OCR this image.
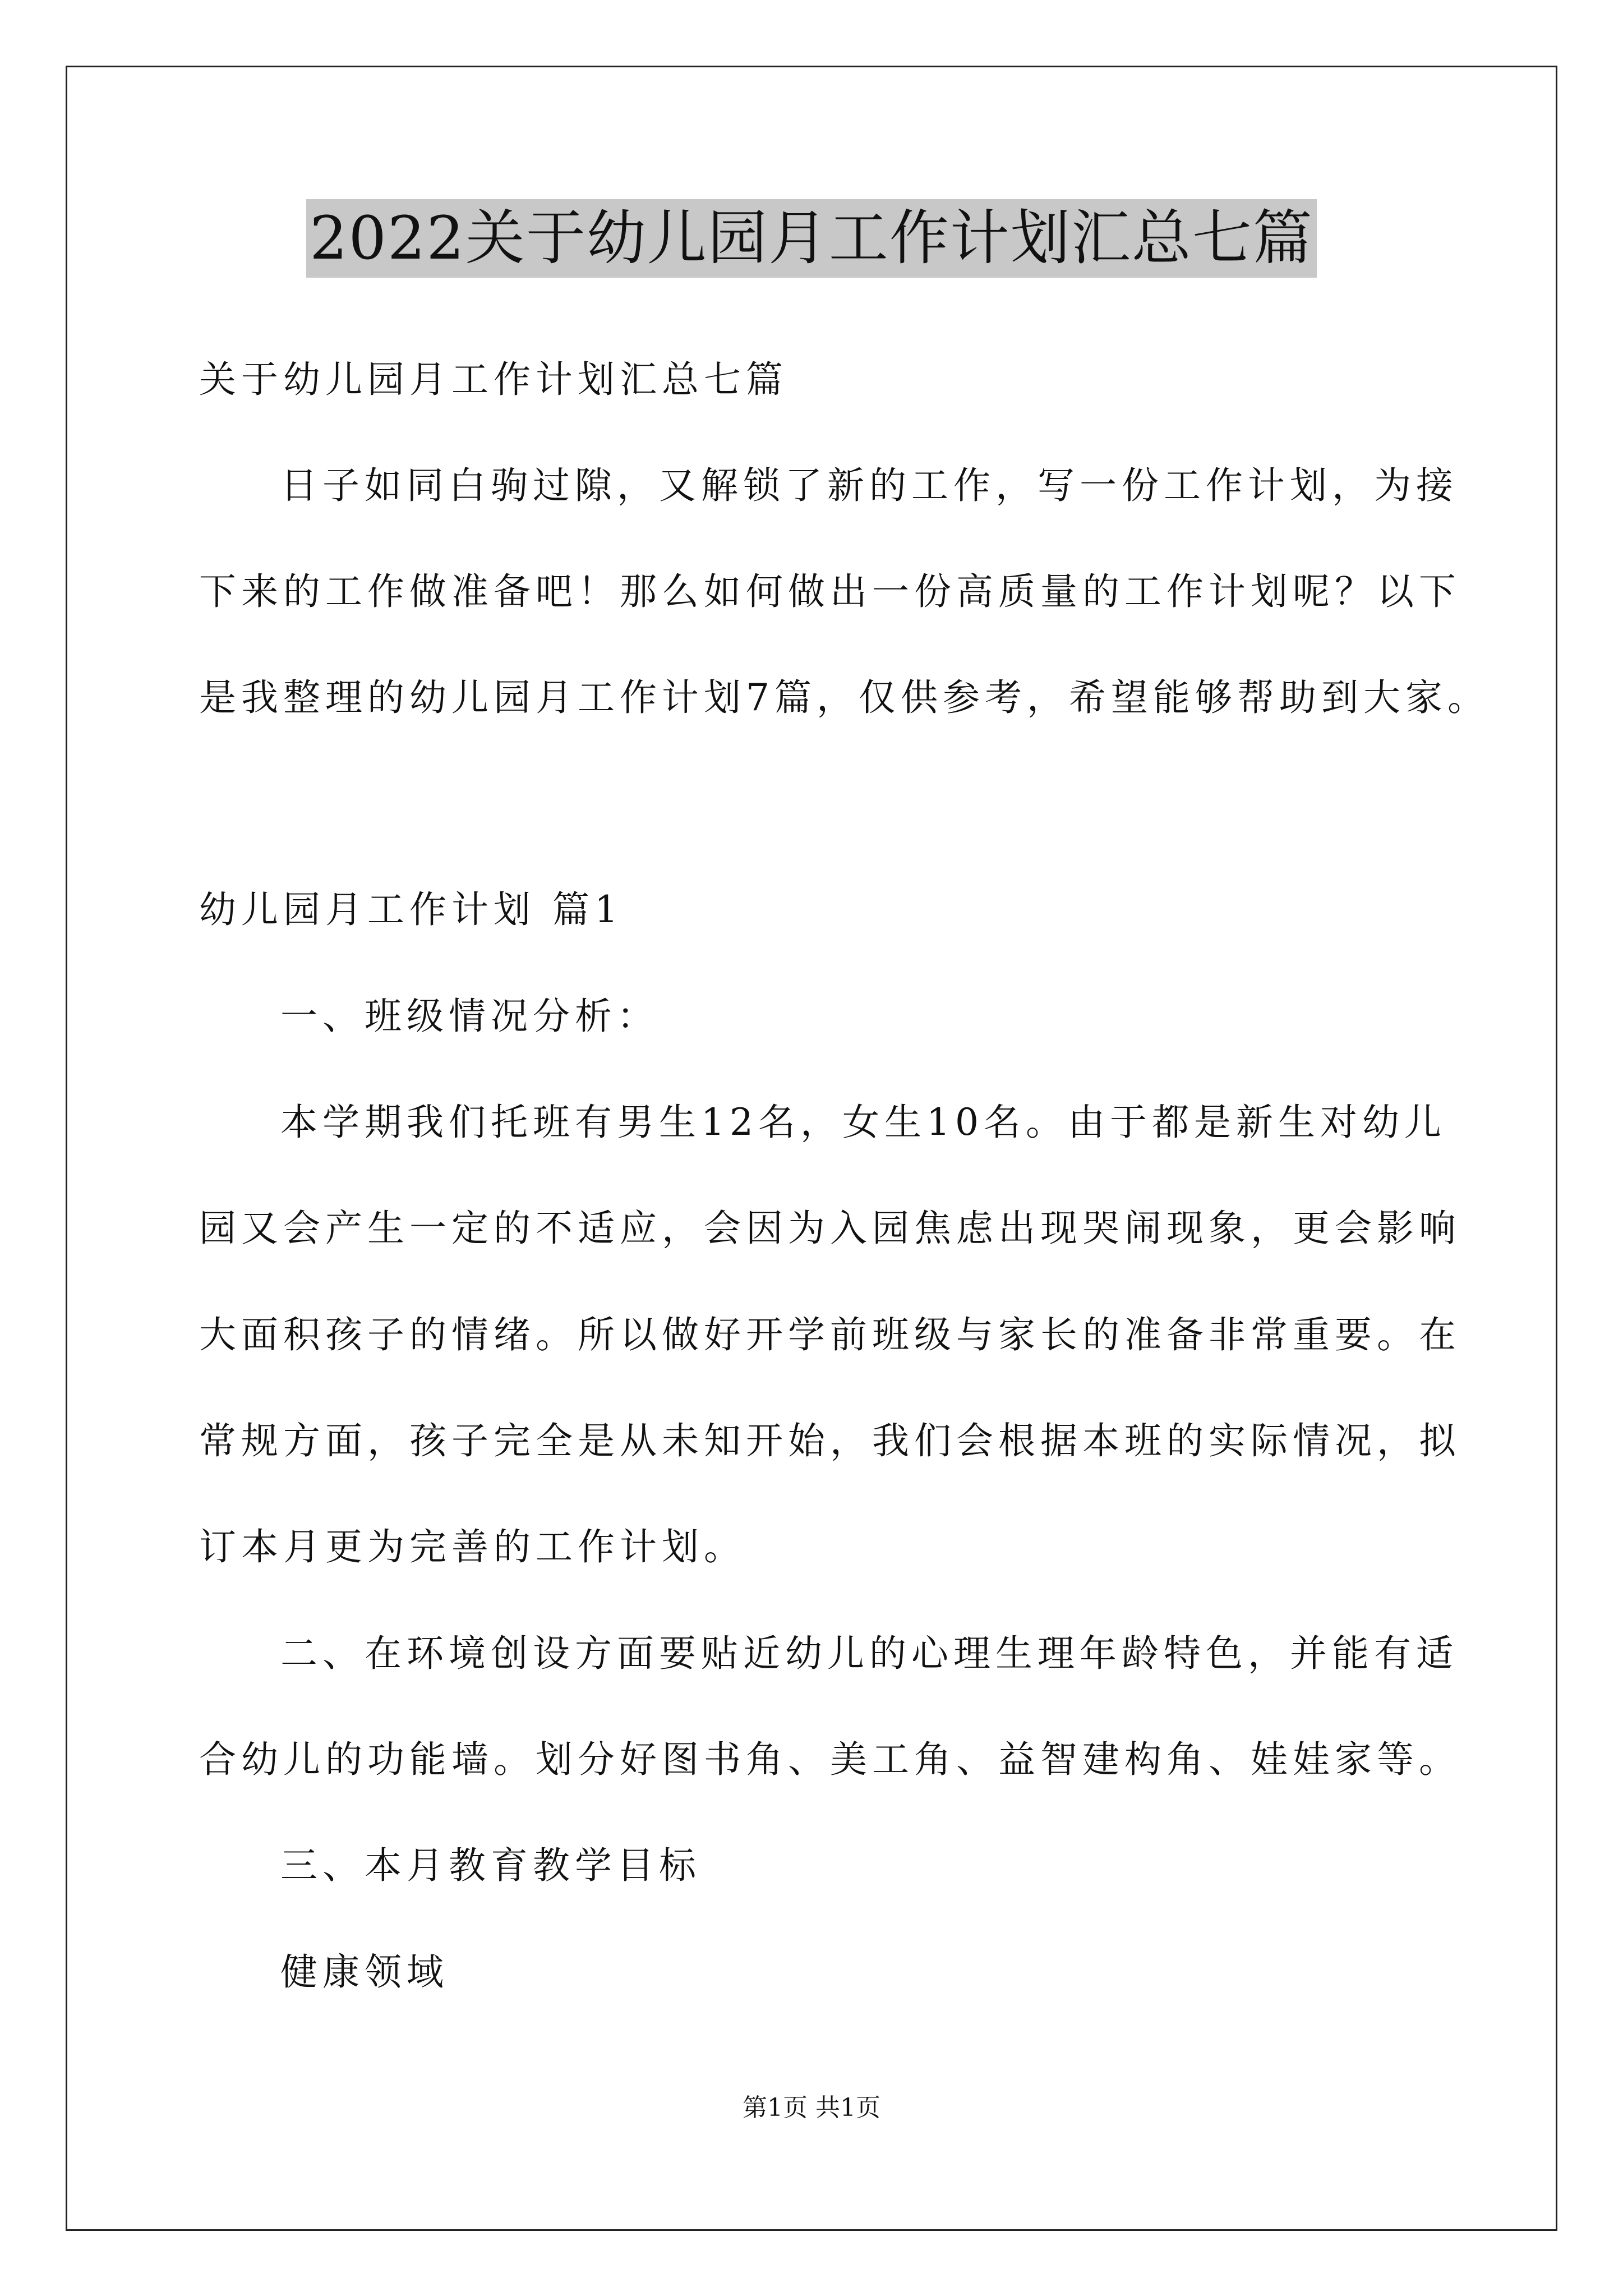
2022关于幼儿园月工作计划汇总七篇
关于幼儿园月工作计划汇总七篇
日子如同白驹过隙，又解锁了新的工作，写一份工作计划，为接
下来的工作做准备吧！那么如何做出一份高质量的工作计划呢？以下
是我整理的幼儿园月工作计划7篇，仅供参考，希望能够帮助到大家。
幼儿园月工作计划 篇1
一、班级情况分析：
本学期我们托班有男生12名，女生10名。由于都是新生对幼儿
园又会产生一定的不适应，会因为入园焦虑出现哭闹现象，更会影响
大面积孩子的情绪。所以做好开学前班级与家长的准备非常重要。在
常规方面，孩子完全是从未知开始，我们会根据本班的实际情况，拟
订本月更为完善的工作计划。
二、在环境创设方面要贴近幼儿的心理生理年龄特色，并能有适
合幼儿的功能墙。划分好图书角、美工角、益智建构角、娃娃家等。
三、本月教育教学目标
健康领域
第1页 共1页
